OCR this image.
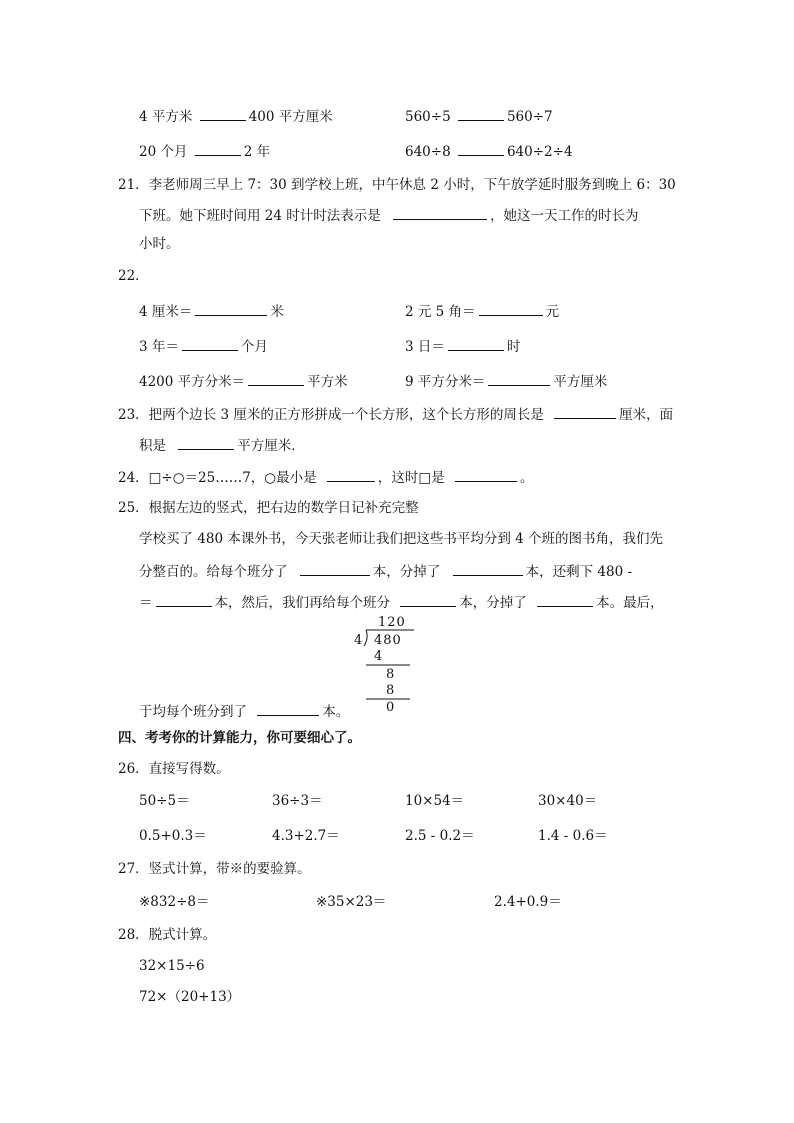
4 平方米	400 平方厘米	560÷5	560÷7
20 个月	2 年	640÷8	640÷2÷4
21．李老师周三早上 7：30 到学校上班，中午休息 2 小时，下午放学延时服务到晚上 6：30
下班。她下班时间用 24 时计时法表示是	，她这一天工作的时长为
小时。
22．
4 厘米＝	米	2 元 5 角＝	元
3 年＝	个月	3 日＝	时
4200 平方分米＝	平方米	9 平方分米＝	平方厘米
23．把两个边长 3 厘米的正方形拼成一个长方形，这个长方形的周长是	厘米，面
积是	平方厘米．
24．□÷○＝25……7，○最小是	，这时□是	。
25．根据左边的竖式，把右边的数学日记补充完整
学校买了 480 本课外书，今天张老师让我们把这些书平均分到 4 个班的图书角，我们先
分整百的。给每个班分了	本，分掉了	本，还剩下 480 -
＝	本，然后，我们再给每个班分	本，分掉了	本。最后，
120
4 480
4
8
8
0
于均每个班分到了	本。
四、考考你的计算能力，你可要细心了。
26．直接写得数。
50÷5＝	36÷3＝	10×54＝	30×40＝
0.5+0.3＝	4.3+2.7＝	2.5 - 0.2＝	1.4 - 0.6＝
27．竖式计算，带※的要验算。
※832÷8＝	※35×23＝	2.4+0.9＝
28．脱式计算。
32×15÷6
72×（20+13）
